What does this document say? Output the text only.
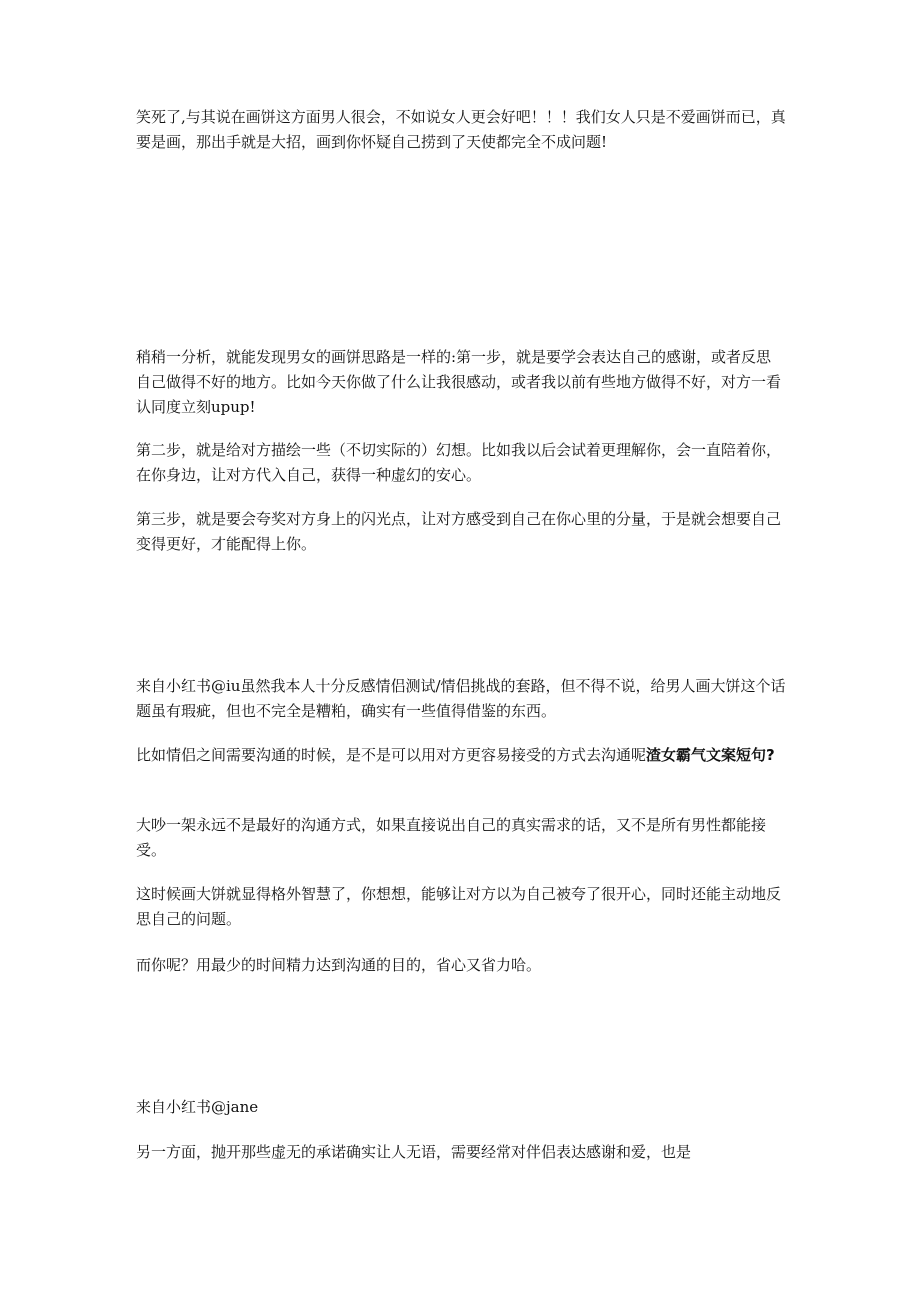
笑死了,与其说在画饼这方面男人很会，不如说女人更会好吧！！！我们女人只是不爱画饼而已，真要是画，那出手就是大招，画到你怀疑自己捞到了天使都完全不成问题!

稍稍一分析，就能发现男女的画饼思路是一样的:第一步，就是要学会表达自己的感谢，或者反思自己做得不好的地方。比如今天你做了什么让我很感动，或者我以前有些地方做得不好，对方一看认同度立刻upup!

第二步，就是给对方描绘一些（不切实际的）幻想。比如我以后会试着更理解你，会一直陪着你，在你身边，让对方代入自己，获得一种虚幻的安心。

第三步，就是要会夸奖对方身上的闪光点，让对方感受到自己在你心里的分量，于是就会想要自己变得更好，才能配得上你。

来自小红书@iu虽然我本人十分反感情侣测试/情侣挑战的套路，但不得不说，给男人画大饼这个话题虽有瑕疵，但也不完全是糟粕，确实有一些值得借鉴的东西。

比如情侣之间需要沟通的时候，是不是可以用对方更容易接受的方式去沟通呢渣女霸气文案短句?

大吵一架永远不是最好的沟通方式，如果直接说出自己的真实需求的话，又不是所有男性都能接受。

这时候画大饼就显得格外智慧了，你想想，能够让对方以为自己被夸了很开心，同时还能主动地反思自己的问题。

而你呢？用最少的时间精力达到沟通的目的，省心又省力哈。

来自小红书@jane

另一方面，抛开那些虚无的承诺确实让人无语，需要经常对伴侣表达感谢和爱，也是
